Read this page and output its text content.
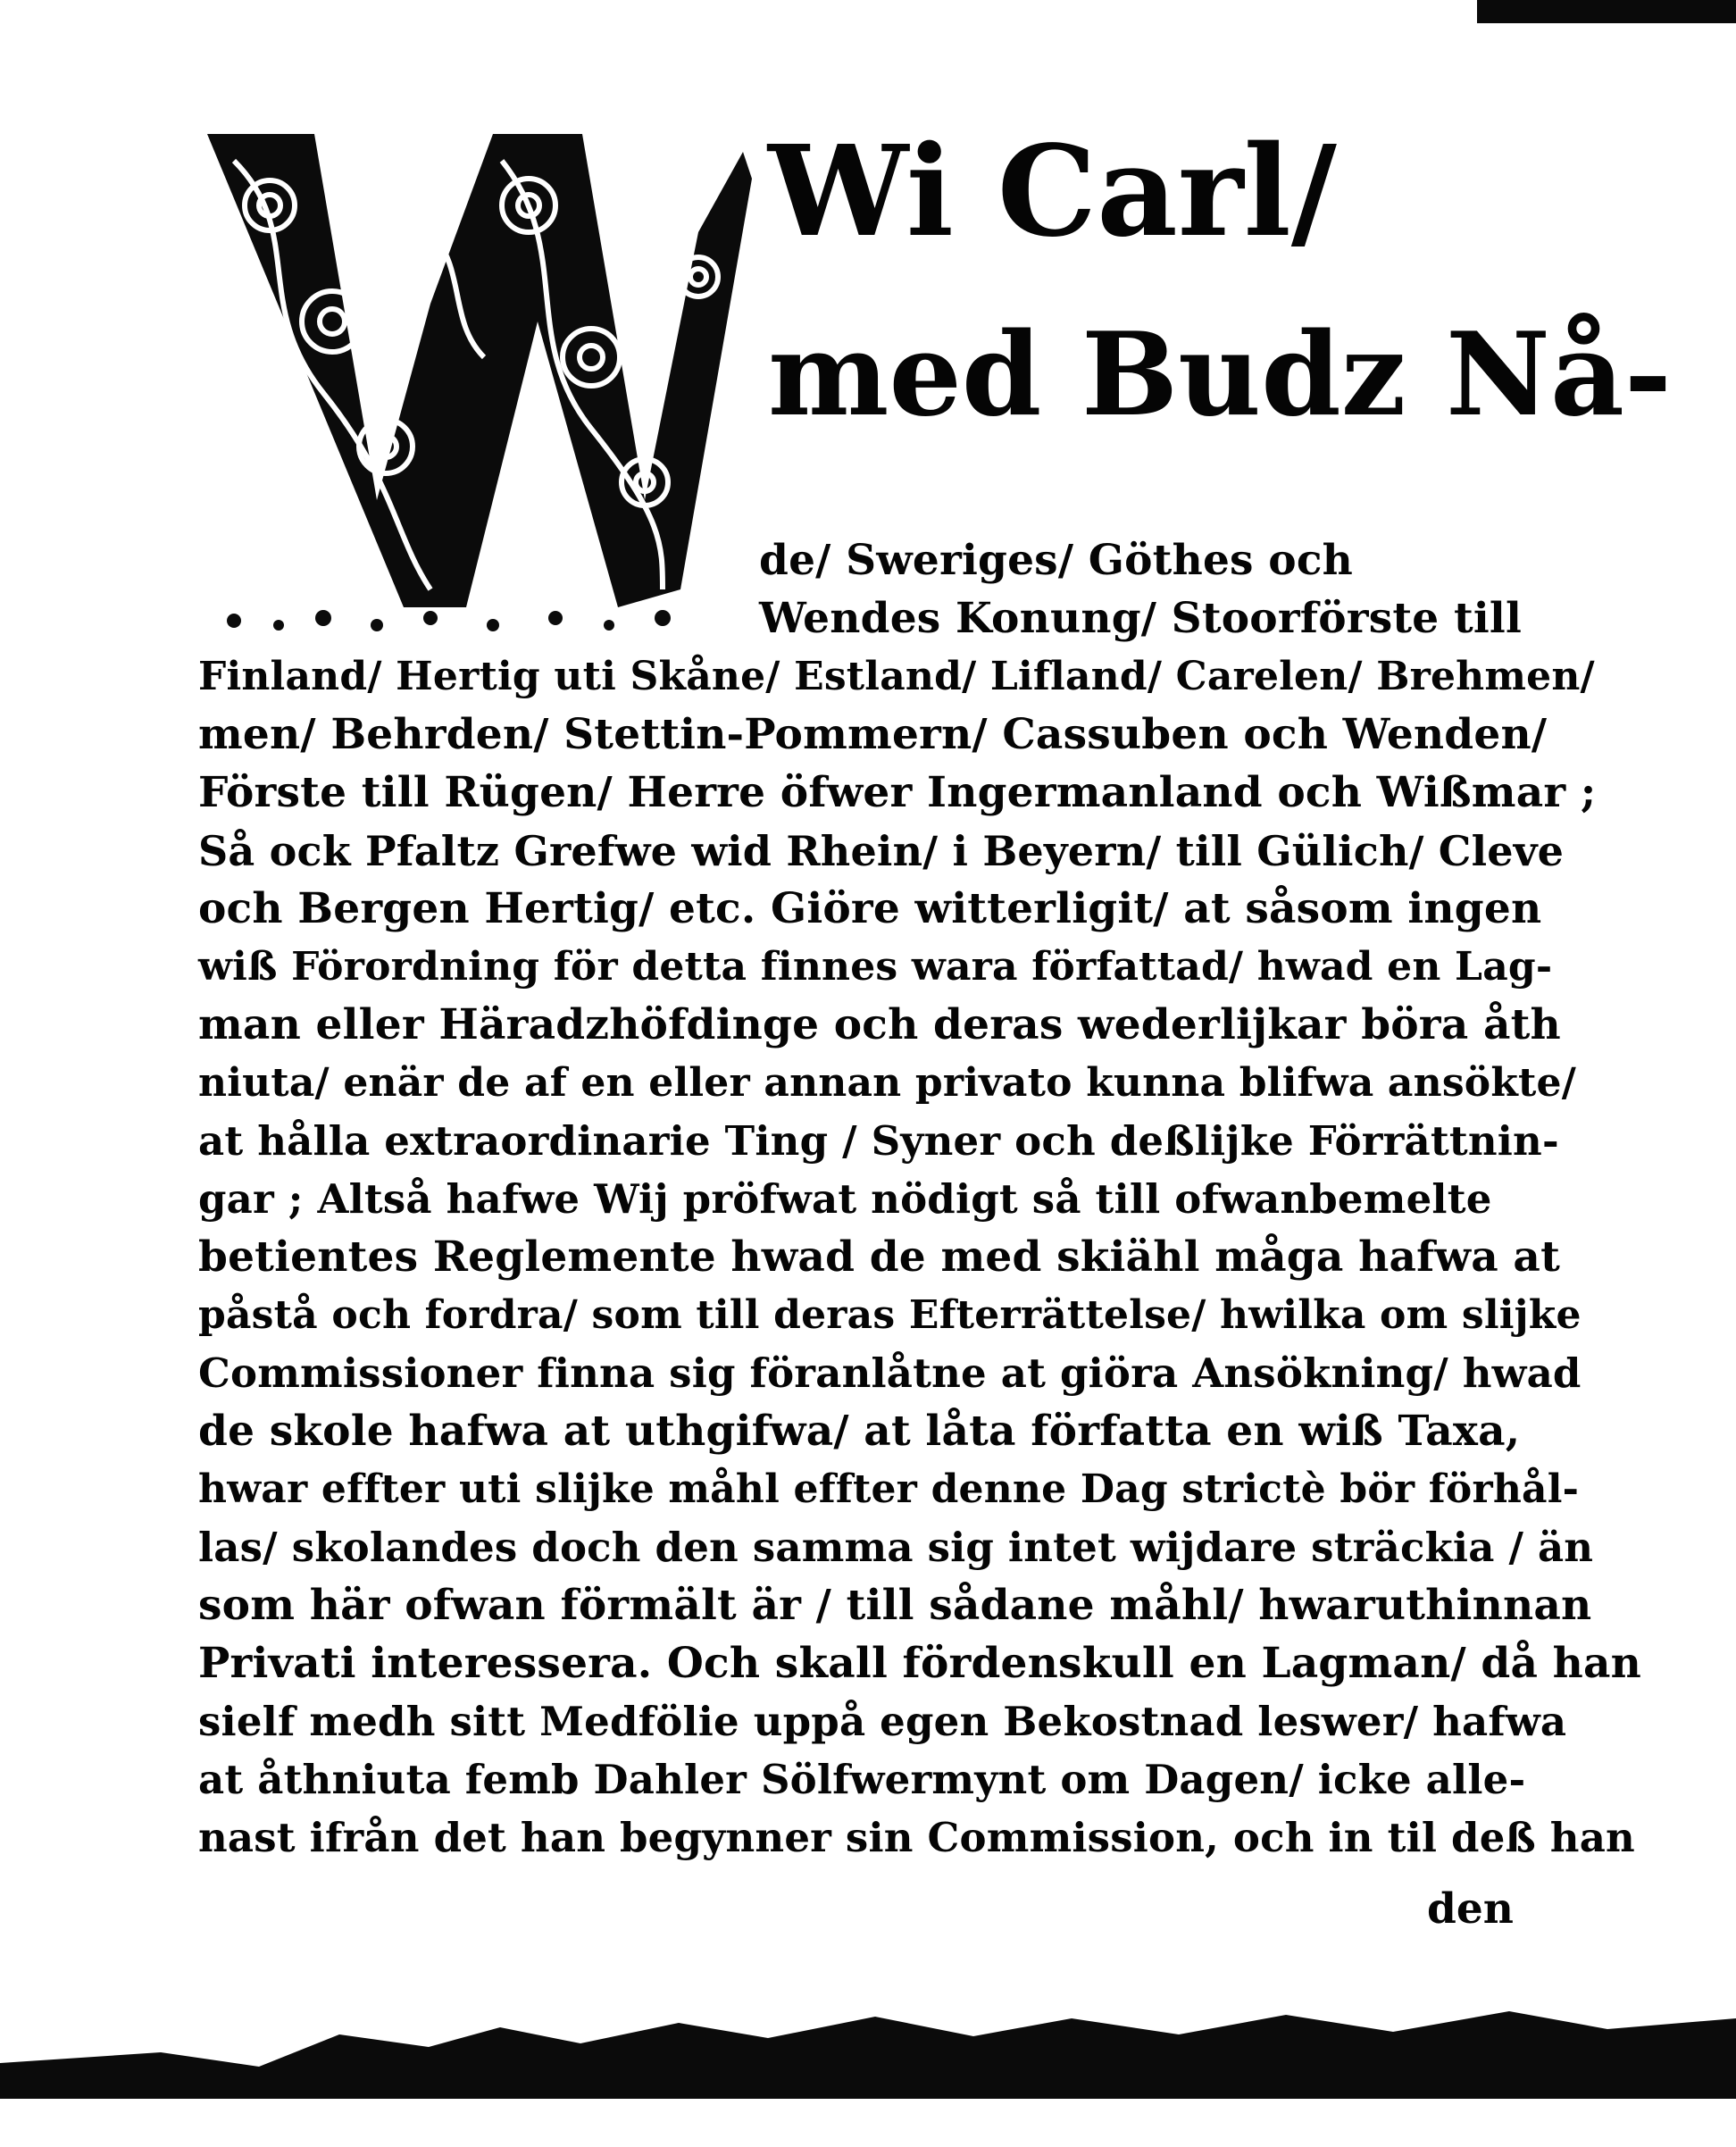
Wi Carl/
med Budz Nå-
de/ Sweriges/ Göthes och
Wendes Konung/ Stoorförste till
Finland/ Hertig uti Skåne/ Estland/ Lifland/ Carelen/ Brehmen/
men/ Behrden/ Stettin-Pommern/ Cassuben och Wenden/
Förste till Rügen/ Herre öfwer Ingermanland och Wißmar ;
Så ock Pfaltz Grefwe wid Rhein/ i Beyern/ till Gülich/ Cleve
och Bergen Hertig/ etc. Giöre witterligit/ at såsom ingen
wiß Förordning för detta finnes wara författad/ hwad en Lag-
man eller Häradzhöfdinge och deras wederlijkar böra åth
niuta/ enär de af en eller annan privato kunna blifwa ansökte/
at hålla extraordinarie Ting / Syner och deßlijke Förrättnin-
gar ; Altså hafwe Wij pröfwat nödigt så till ofwanbemelte
betientes Reglemente hwad de med skiähl måga hafwa at
påstå och fordra/ som till deras Efterrättelse/ hwilka om slijke
Commissioner finna sig föranlåtne at giöra Ansökning/ hwad
de skole hafwa at uthgifwa/ at låta författa en wiß Taxa,
hwar effter uti slijke måhl effter denne Dag strictè bör förhål-
las/ skolandes doch den samma sig intet wijdare sträckia / än
som här ofwan förmält är / till sådane måhl/ hwaruthinnan
Privati interessera. Och skall fördenskull en Lagman/ då han
sielf medh sitt Medfölie uppå egen Bekostnad leswer/ hafwa
at åthniuta femb Dahler Sölfwermynt om Dagen/ icke alle-
nast ifrån det han begynner sin Commission, och in til deß han
den
